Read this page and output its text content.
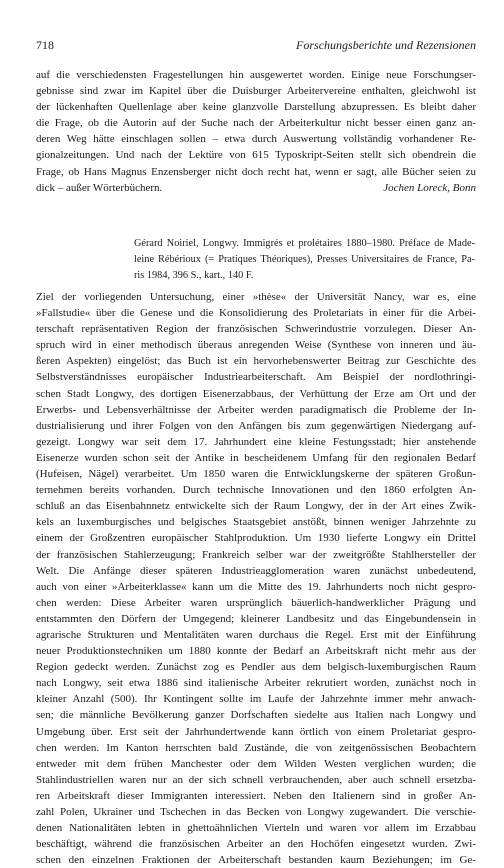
718	Forschungsberichte und Rezensionen
auf die verschiedensten Fragestellungen hin ausgewertet worden. Einige neue Forschungser-
gebnisse sind zwar im Kapitel über die Duisburger Arbeitervereine enthalten, gleichwohl ist
der lückenhaften Quellenlage aber keine glanzvolle Darstellung abzupressen. Es bleibt daher
die Frage, ob die Autorin auf der Suche nach der Arbeiterkultur nicht besser einen ganz an-
deren Weg hätte einschlagen sollen – etwa durch Auswertung vollständig vorhandener Re-
gionalzeitungen. Und nach der Lektüre von 615 Typoskript-Seiten stellt sich obendrein die
Frage, ob Hans Magnus Enzensberger nicht doch recht hat, wenn er sagt, alle Bücher seien zu
dick – außer Wörterbüchern.	Jochen Loreck, Bonn
Gérard Noiriel, Longwy. Immigrés et prolétaires 1880–1980. Préface de Made-
leine Rébérioux (= Pratiques Théoriques), Presses Universitaires de France, Pa-
ris 1984, 396 S., kart., 140 F.
Ziel der vorliegenden Untersuchung, einer »thèse« der Universität Nancy, war es, eine
»Fallstudie« über die Genese und die Konsolidierung des Proletariats in einer für die Arbei-
terschaft repräsentativen Region der französischen Schwerindustrie vorzulegen. Dieser An-
spruch wird in einer methodisch überaus anregenden Weise (Synthese von inneren und äu-
ßeren Aspekten) eingelöst; das Buch ist ein hervorhebenswerter Beitrag zur Geschichte des
Selbstverständnisses europäischer Industriearbeiterschaft. Am Beispiel der nordlothringi-
schen Stadt Longwy, des dortigen Eisenerzabbaus, der Verhüttung der Erze am Ort und der
Erwerbs- und Lebensverhältnisse der Arbeiter werden paradigmatisch die Probleme der In-
dustrialisierung und ihrer Folgen von den Anfängen bis zum gegenwärtigen Niedergang auf-
gezeigt. Longwy war seit dem 17. Jahrhundert eine kleine Festungsstadt; hier anstehende
Eisenerze wurden schon seit der Antike in bescheidenem Umfang für den regionalen Bedarf
(Hufeisen, Nägel) verarbeitet. Um 1850 waren die Entwicklungskerne der späteren Großun-
ternehmen bereits vorhanden. Durch technische Innovationen und den 1860 erfolgten An-
schluß an das Eisenbahnnetz entwickelte sich der Raum Longwy, der in der Art eines Zwik-
kels an luxemburgisches und belgisches Staatsgebiet anstößt, binnen weniger Jahrzehnte zu
einem der Großzentren europäischer Stahlproduktion. Um 1930 lieferte Longwy ein Drittel
der französischen Stahlerzeugung; Frankreich selber war der zweitgrößte Stahlhersteller der
Welt. Die Anfänge dieser späteren Industrieagglomeration waren zunächst unbedeutend,
auch von einer »Arbeiterklasse« kann um die Mitte des 19. Jahrhunderts noch nicht gespro-
chen werden: Diese Arbeiter waren ursprünglich bäuerlich-handwerklicher Prägung und
entstammten den Dörfern der Umgegend; kleinerer Landbesitz und das Eingebundensein in
agrarische Strukturen und Mentalitäten waren durchaus die Regel. Erst mit der Einführung
neuer Produktionstechniken um 1880 konnte der Bedarf an Arbeitskraft nicht mehr aus der
Region gedeckt werden. Zunächst zog es Pendler aus dem belgisch-luxemburgischen Raum
nach Longwy, seit etwa 1886 sind italienische Arbeiter rekrutiert worden, zunächst noch in
kleiner Anzahl (500). Ihr Kontingent sollte im Laufe der Jahrzehnte immer mehr anwach-
sen; die männliche Bevölkerung ganzer Dorfschaften siedelte aus Italien nach Longwy und
Umgebung über. Erst seit der Jahrhundertwende kann örtlich von einem Proletariat gespro-
chen werden. Im Kanton herrschten bald Zustände, die von zeitgenössischen Beobachtern
entweder mit dem frühen Manchester oder dem Wilden Westen verglichen wurden; die
Stahlindustriellen waren nur an der sich schnell verbrauchenden, aber auch schnell ersetzba-
ren Arbeitskraft dieser Immigranten interessiert. Neben den Italienern sind in großer An-
zahl Polen, Ukrainer und Tschechen in das Becken von Longwy zugewandert. Die verschie-
denen Nationalitäten lebten in ghettoähnlichen Vierteln und waren vor allem im Erzabbau
beschäftigt, während die französischen Arbeiter an den Hochöfen eingesetzt wurden. Zwi-
schen den einzelnen Fraktionen der Arbeiterschaft bestanden kaum Beziehungen; im Ge-
